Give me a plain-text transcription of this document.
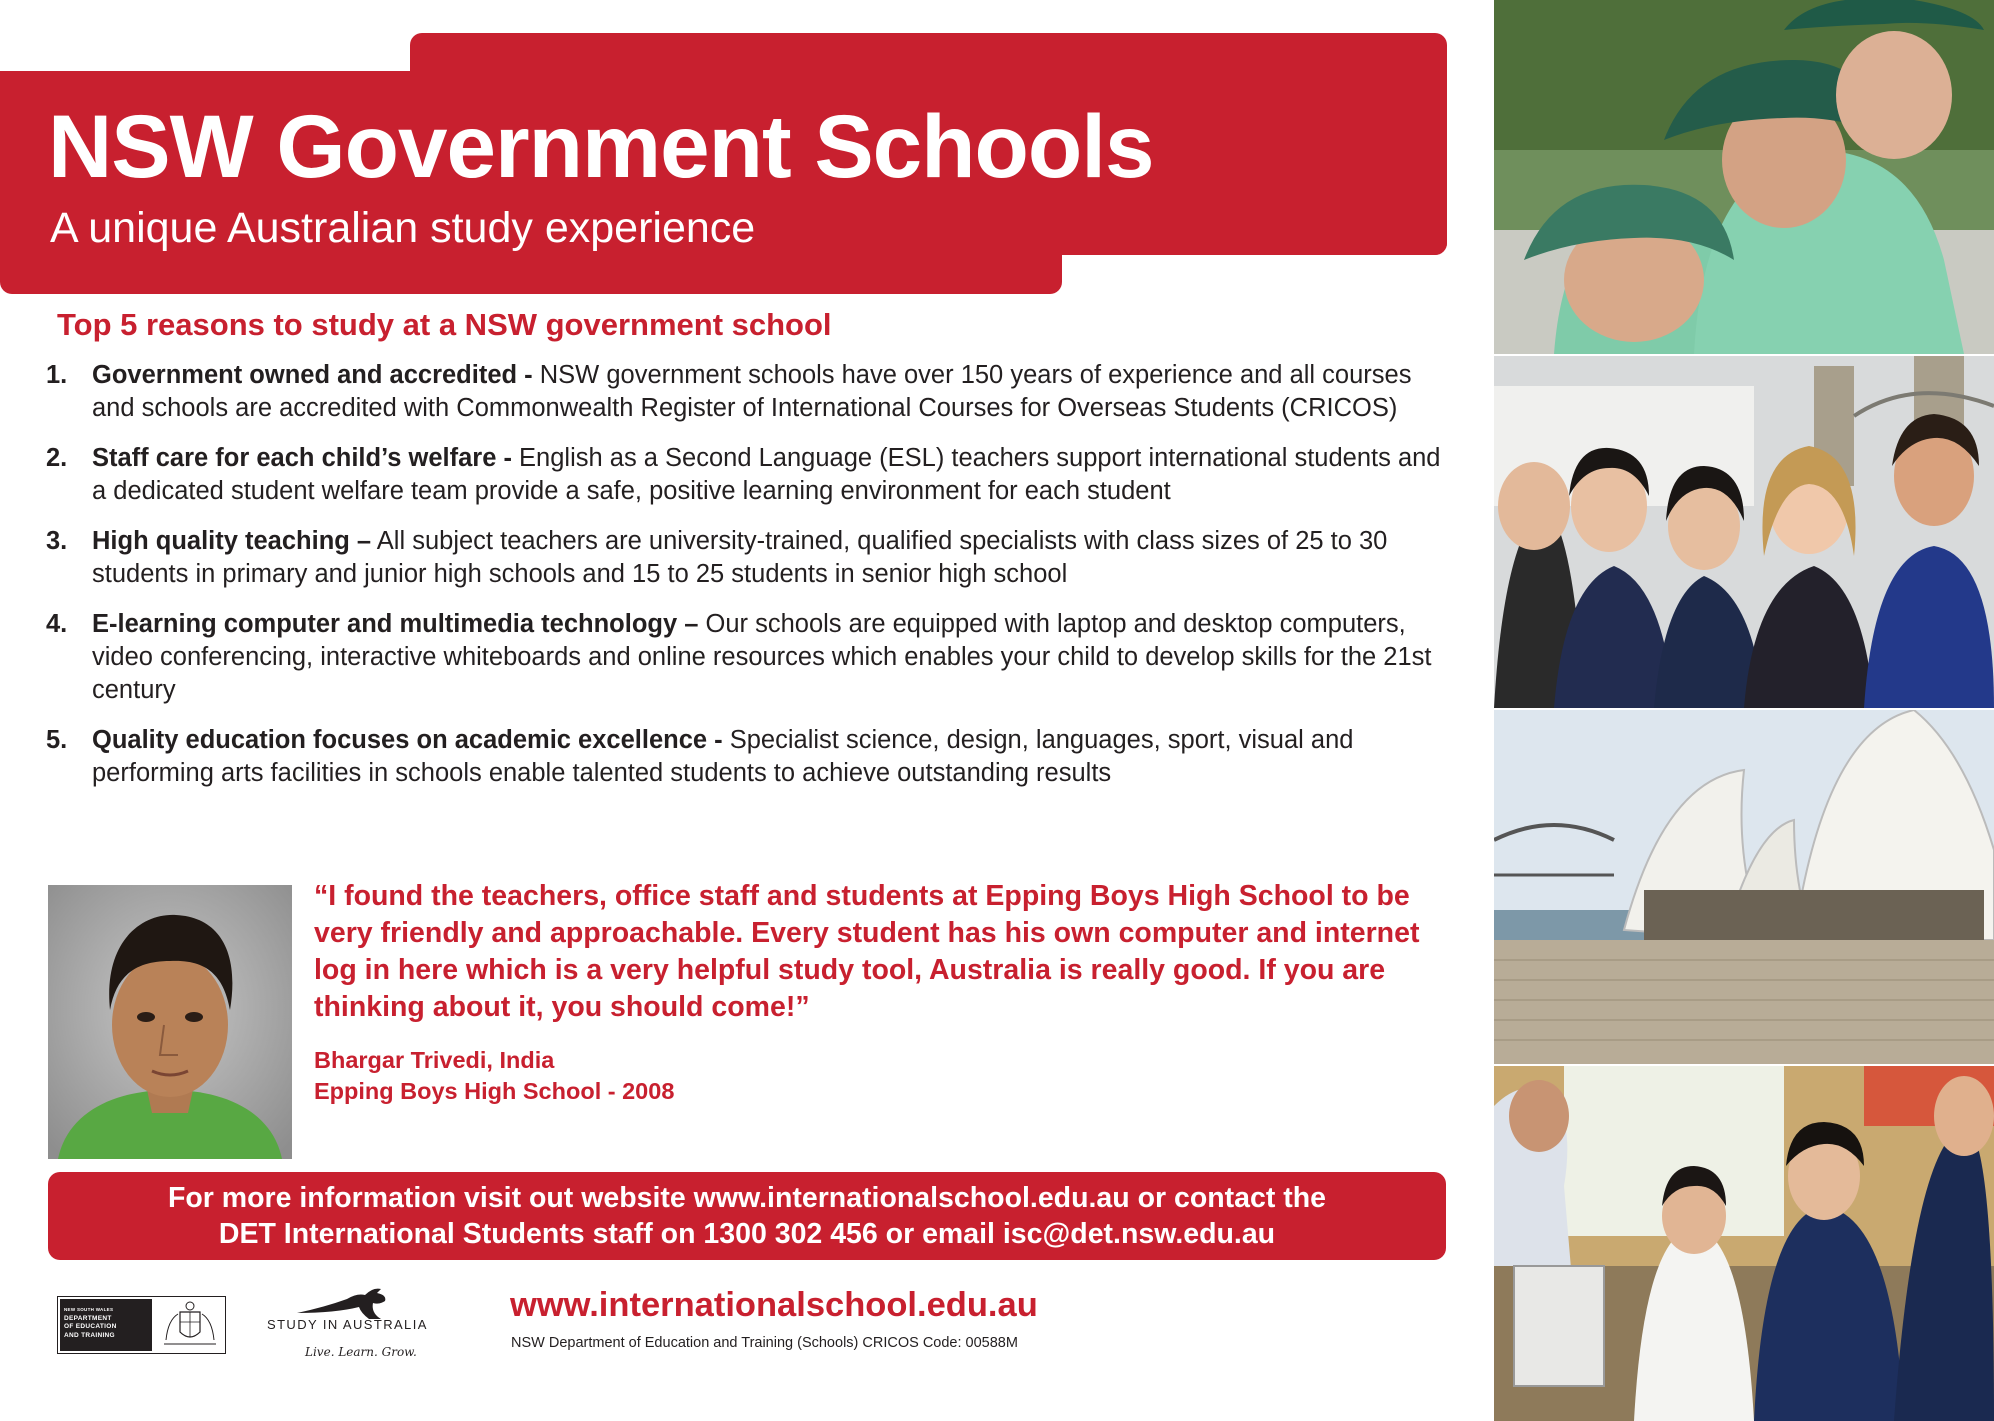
NSW Government Schools
A unique Australian study experience
Top 5 reasons to study at a NSW government school
1. Government owned and accredited - NSW government schools have over 150 years of experience and all courses and schools are accredited with Commonwealth Register of International Courses for Overseas Students (CRICOS)
2. Staff care for each child’s welfare - English as a Second Language (ESL) teachers support international students and a dedicated student welfare team provide a safe, positive learning environment for each student
3. High quality teaching – All subject teachers are university-trained, qualified specialists with class sizes of 25 to 30 students in primary and junior high schools and 15 to 25 students in senior high school
4. E-learning computer and multimedia technology – Our schools are equipped with laptop and desktop computers, video conferencing, interactive whiteboards and online resources which enables your child to develop skills for the 21st century
5. Quality education focuses on academic excellence - Specialist science, design, languages, sport, visual and performing arts facilities in schools enable talented students to achieve outstanding results

“I found the teachers, office staff and students at Epping Boys High School to be very friendly and approachable. Every student has his own computer and internet log in here which is a very helpful study tool, Australia is really good. If you are thinking about it, you should come!”

Bhargar Trivedi, India
Epping Boys High School - 2008
For more information visit out website www.internationalschool.edu.au or contact the
DET International Students staff on 1300 302 456 or email isc@det.nsw.edu.au
NEW SOUTH WALES
DEPARTMENT
OF EDUCATION
AND TRAINING
STUDY IN AUSTRALIA
Live. Learn. Grow.
www.internationalschool.edu.au
NSW Department of Education and Training (Schools) CRICOS Code: 00588M
